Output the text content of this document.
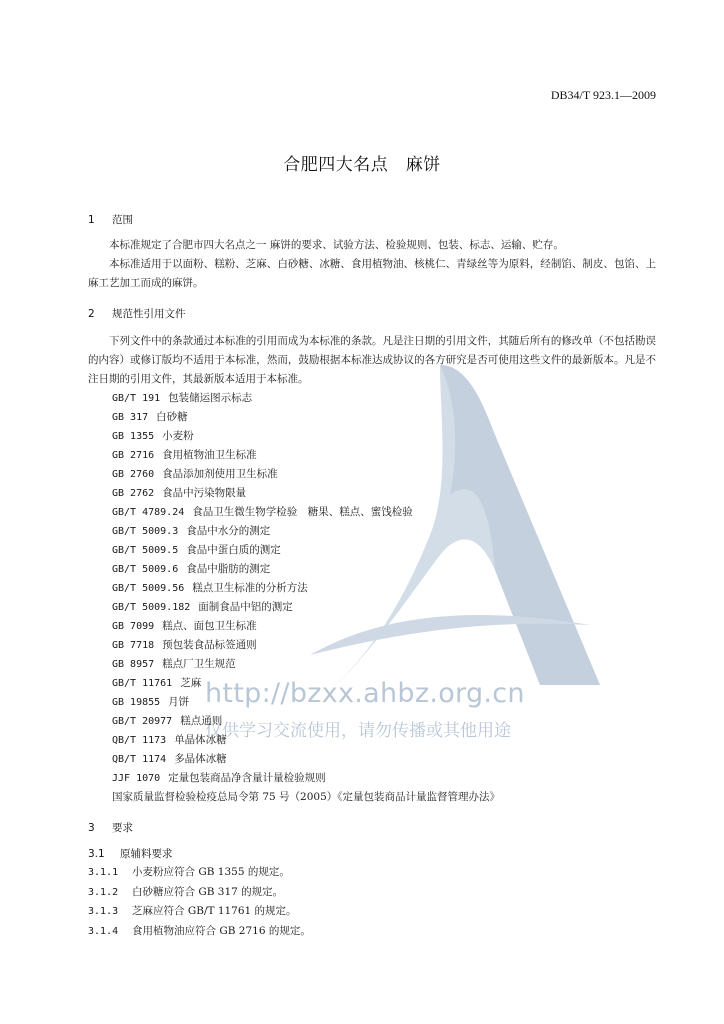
http://bzxx.ahbz.org.cn
仅供学习交流使用，请勿传播或其他用途
DB34/T 923.1—2009
合肥四大名点　麻饼
1 范围
本标准规定了合肥市四大名点之一 麻饼的要求、试验方法、检验规则、包装、标志、运输、贮存。
本标准适用于以面粉、糕粉、芝麻、白砂糖、冰糖、食用植物油、核桃仁、青绿丝等为原料，经制馅、制皮、包馅、上麻工艺加工而成的麻饼。
2 规范性引用文件
下列文件中的条款通过本标准的引用而成为本标准的条款。凡是注日期的引用文件，其随后所有的修改单（不包括勘误的内容）或修订版均不适用于本标准，然而，鼓励根据本标准达成协议的各方研究是否可使用这些文件的最新版本。凡是不注日期的引用文件，其最新版本适用于本标准。
GB/T 191 包装储运图示标志
GB 317 白砂糖
GB 1355 小麦粉
GB 2716 食用植物油卫生标准
GB 2760 食品添加剂使用卫生标准
GB 2762 食品中污染物限量
GB/T 4789.24 食品卫生微生物学检验　糖果、糕点、蜜饯检验
GB/T 5009.3 食品中水分的测定
GB/T 5009.5 食品中蛋白质的测定
GB/T 5009.6 食品中脂肪的测定
GB/T 5009.56 糕点卫生标准的分析方法
GB/T 5009.182 面制食品中铝的测定
GB 7099 糕点、面包卫生标准
GB 7718 预包装食品标签通则
GB 8957 糕点厂卫生规范
GB/T 11761 芝麻
GB 19855 月饼
GB/T 20977 糕点通则
QB/T 1173 单晶体冰糖
QB/T 1174 多晶体冰糖
JJF 1070 定量包装商品净含量计量检验规则
国家质量监督检验检疫总局令第 75 号（2005）《定量包装商品计量监督管理办法》
3 要求
3.1 原辅料要求
3.1.1 小麦粉应符合 GB 1355 的规定。
3.1.2 白砂糖应符合 GB 317 的规定。
3.1.3 芝麻应符合 GB/T 11761 的规定。
3.1.4 食用植物油应符合 GB 2716 的规定。
